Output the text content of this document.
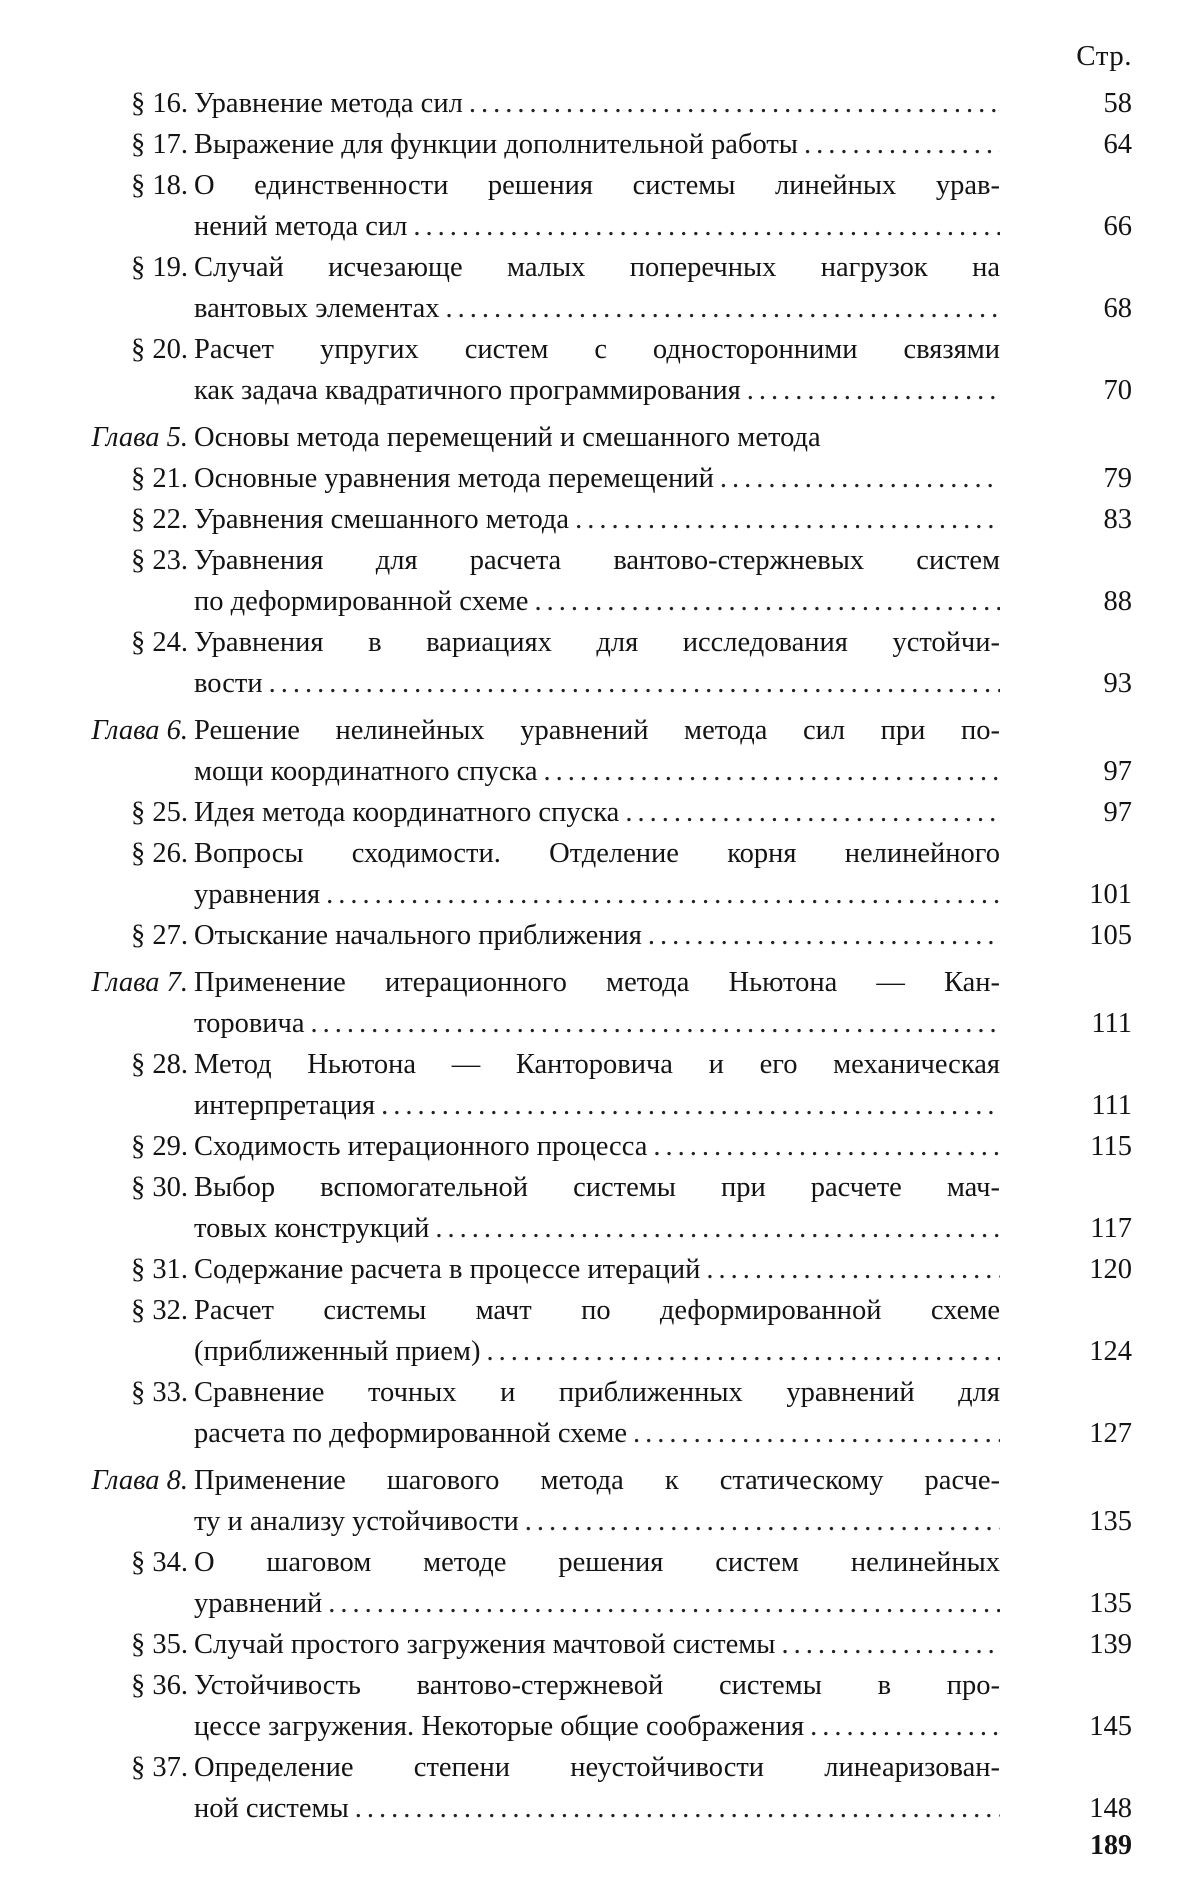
Стр.
§ 16. Уравнение метода сил .....	58
§ 17. Выражение для функции дополнительной работы .....	64
§ 18. О единственности решения системы линейных урав-
нений метода сил .....	66
§ 19. Случай исчезающе малых поперечных нагрузок на
вантовых элементах .....	68
§ 20. Расчет упругих систем с односторонними связями
как задача квадратичного программирования .....	70
Глава 5. Основы метода перемещений и смешанного метода
§ 21. Основные уравнения метода перемещений .....	79
§ 22. Уравнения смешанного метода .....	83
§ 23. Уравнения для расчета вантово-стержневых систем
по деформированной схеме .....	88
§ 24. Уравнения в вариациях для исследования устойчи-
вости .....	93
Глава 6. Решение нелинейных уравнений метода сил при по-
мощи координатного спуска .....	97
§ 25. Идея метода координатного спуска .....	97
§ 26. Вопросы сходимости. Отделение корня нелинейного
уравнения .....	101
§ 27. Отыскание начального приближения .....	105
Глава 7. Применение итерационного метода Ньютона — Кан-
торовича .....	111
§ 28. Метод Ньютона — Канторовича и его механическая
интерпретация .....	111
§ 29. Сходимость итерационного процесса .....	115
§ 30. Выбор вспомогательной системы при расчете мач-
товых конструкций .....	117
§ 31. Содержание расчета в процессе итераций .....	120
§ 32. Расчет системы мачт по деформированной схеме
(приближенный прием) .....	124
§ 33. Сравнение точных и приближенных уравнений для
расчета по деформированной схеме .....	127
Глава 8. Применение шагового метода к статическому расче-
ту и анализу устойчивости .....	135
§ 34. О шаговом методе решения систем нелинейных
уравнений .....	135
§ 35. Случай простого загружения мачтовой системы .....	139
§ 36. Устойчивость вантово-стержневой системы в про-
цессе загружения. Некоторые общие соображения .....	145
§ 37. Определение степени неустойчивости линеаризован-
ной системы .....	148
189
